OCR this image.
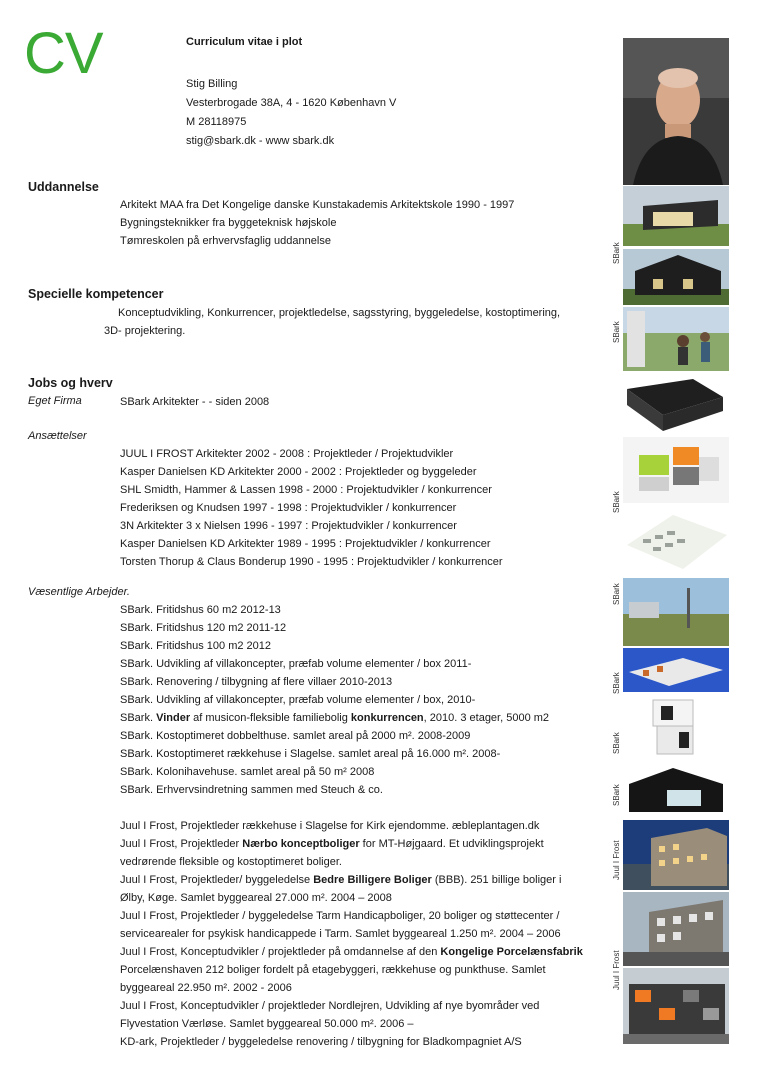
CV	Curriculum vitae i plot
Stig Billing
Vesterbrogade 38A, 4 - 1620 København V
M 28118975
stig@sbark.dk - www sbark.dk
Uddannelse
Arkitekt MAA fra Det Kongelige danske Kunstakademis Arkitektskole 1990 - 1997
Bygningsteknikker fra byggeteknisk højskole
Tømreskolen på erhvervsfaglig uddannelse
Specielle kompetencer
Konceptudvikling, Konkurrencer, projektledelse, sagsstyring, byggeledelse, kostoptimering,
3D- projektering.
Jobs og hverv
Eget Firma	SBark Arkitekter - - siden 2008
Ansættelser
JUUL I FROST Arkitekter 2002 - 2008 : Projektleder / Projektudvikler
Kasper Danielsen KD Arkitekter 2000 - 2002 : Projektleder og byggeleder
SHL Smidth, Hammer & Lassen 1998 - 2000 : Projektudvikler / konkurrencer
Frederiksen og Knudsen 1997 - 1998 : Projektudvikler / konkurrencer
3N Arkitekter 3 x Nielsen 1996 - 1997 : Projektudvikler / konkurrencer
Kasper Danielsen KD Arkitekter 1989 - 1995 : Projektudvikler / konkurrencer
Torsten Thorup & Claus Bonderup 1990 - 1995 : Projektudvikler / konkurrencer
Væsentlige Arbejder.
SBark. Fritidshus 60 m2 2012-13
SBark. Fritidshus 120 m2 2011-12
SBark. Fritidshus 100 m2 2012
SBark. Udvikling af villakoncepter, præfab volume elementer / box 2011-
SBark. Renovering / tilbygning af flere villaer 2010-2013
SBark. Udvikling af villakoncepter, præfab volume elementer / box, 2010-
SBark. Vinder af musicon-fleksible familiebolig konkurrencen, 2010. 3 etager, 5000 m2
SBark. Kostoptimeret dobbelthuse. samlet areal på 2000 m². 2008-2009
SBark. Kostoptimeret rækkehuse i Slagelse. samlet areal på 16.000 m². 2008-
SBark. Kolonihavehuse. samlet areal på 50 m² 2008
SBark. Erhvervsindretning sammen med Steuch & co.
Juul I Frost, Projektleder rækkehuse i Slagelse for Kirk ejendomme. æbleplantagen.dk
Juul I Frost, Projektleder Nærbo konceptboliger for MT-Højgaard. Et udviklingsprojekt
vedrørende fleksible og kostoptimeret boliger.
Juul I Frost, Projektleder/ byggeledelse Bedre Billigere Boliger (BBB). 251 billige boliger i
Ølby, Køge. Samlet byggeareal 27.000 m². 2004 – 2008
Juul I Frost, Projektleder / byggeledelse Tarm Handicapboliger, 20 boliger og støttecenter /
servicearealer for psykisk handicappede i Tarm. Samlet byggeareal 1.250 m². 2004 – 2006
Juul I Frost, Konceptudvikler / projektleder på omdannelse af den Kongelige Porcelænsfabrik
Porcelænshaven 212 boliger fordelt på etagebyggeri, rækkehuse og punkthuse. Samlet
byggeareal 22.950 m². 2002 - 2006
Juul I Frost, Konceptudvikler / projektleder Nordlejren, Udvikling af nye byområder ved
Flyvestation Værløse. Samlet byggeareal 50.000 m². 2006 –
KD-ark, Projektleder / byggeledelse renovering / tilbygning for Bladkompagniet A/S
SBark
SBark
SBark
SBark
SBark
SBark
SBark
Juul I Frost
Juul I Frost
